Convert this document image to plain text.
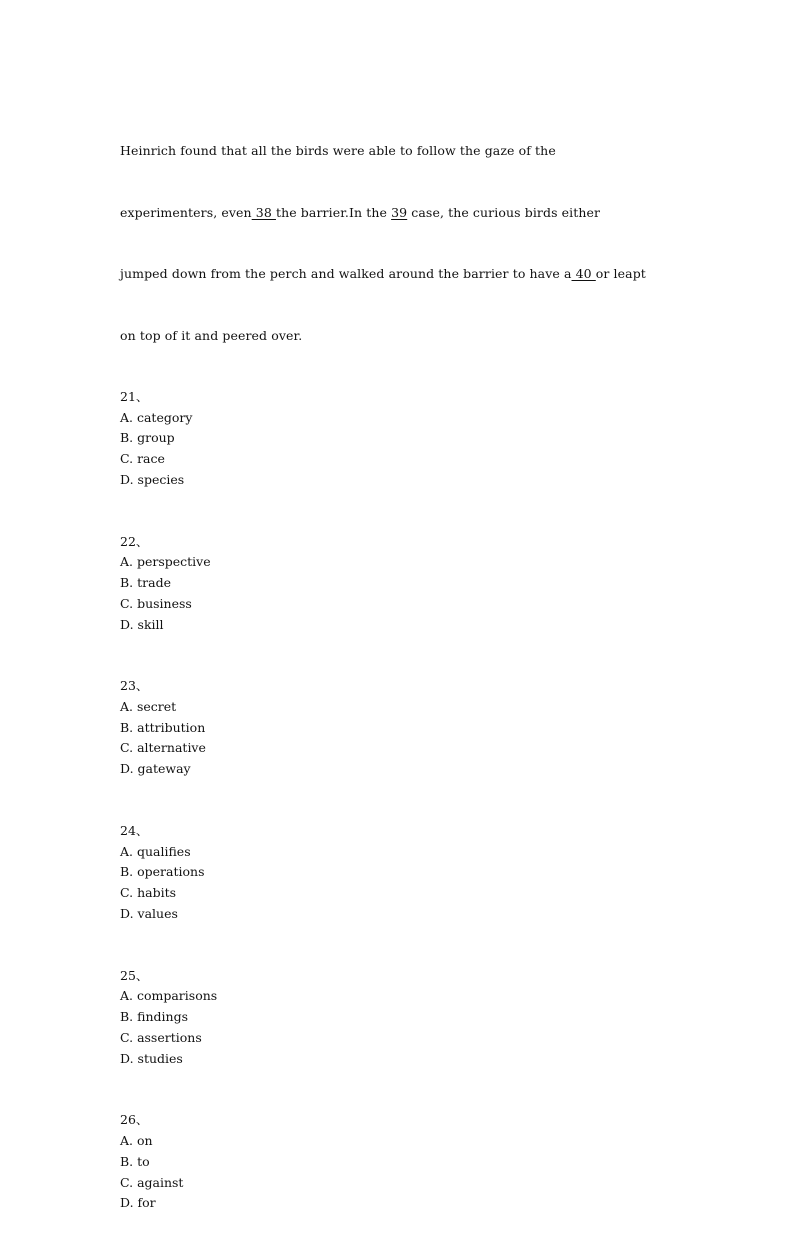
Heinrich found that all the birds were able to follow the gaze of the

experimenters, even 38 the barrier.In the 39 case, the curious birds either

jumped down from the perch and walked around the barrier to have a 40 or leapt

on top of it and peered over.

21、
A. category
B. group
C. race
D. species
22、
A. perspective
B. trade
C. business
D. skill
23、
A. secret
B. attribution
C. alternative
D. gateway
24、
A. qualifies
B. operations
C. habits
D. values
25、
A. comparisons
B. findings
C. assertions
D. studies
26、
A. on
B. to
C. against
D. for
